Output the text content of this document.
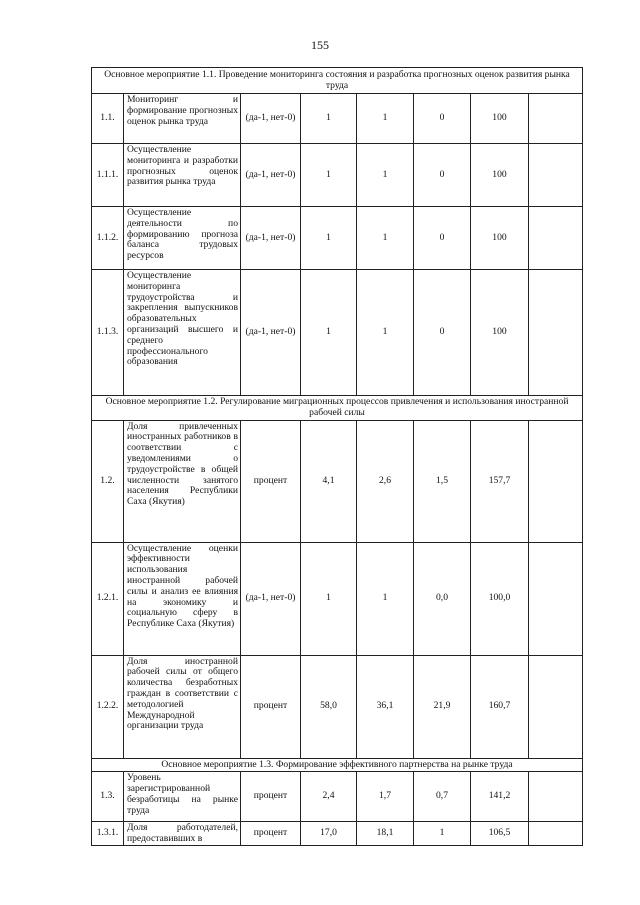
155
Основное мероприятие 1.1. Проведение мониторинга состояния и разработка прогнозных оценок развития рынка труда							
1.1.	Мониторинг и формирование прогнозных оценок рынка труда	(да-1, нет-0)	1	1	0	100	
1.1.1.	Осуществление мониторинга и разработки прогнозных оценок развития рынка труда	(да-1, нет-0)	1	1	0	100	
1.1.2.	Осуществление деятельности по формированию прогноза баланса трудовых ресурсов	(да-1, нет-0)	1	1	0	100	
1.1.3.	Осуществление мониторинга трудоустройства и закрепления выпускников образовательных организаций высшего и среднего профессионального образования	(да-1, нет-0)	1	1	0	100	
Основное мероприятие 1.2. Регулирование миграционных процессов привлечения и использования иностранной рабочей силы							
1.2.	Доля привлеченных иностранных работников в соответствии с уведомлениями о трудоустройстве в общей численности занятого населения Республики Саха (Якутия)	процент	4,1	2,6	1,5	157,7	
1.2.1.	Осуществление оценки эффективности использования иностранной рабочей силы и анализ ее влияния на экономику и социальную сферу в Республике Саха (Якутия)	(да-1, нет-0)	1	1	0,0	100,0	
1.2.2.	Доля иностранной рабочей силы от общего количества безработных граждан в соответствии с методологией Международной организации труда	процент	58,0	36,1	21,9	160,7	
Основное мероприятие 1.3. Формирование эффективного партнерства на рынке труда							
1.3.	Уровень зарегистрированной безработицы на рынке труда	процент	2,4	1,7	0,7	141,2	
1.3.1.	Доля работодателей, предоставивших в	процент	17,0	18,1	1	106,5	
